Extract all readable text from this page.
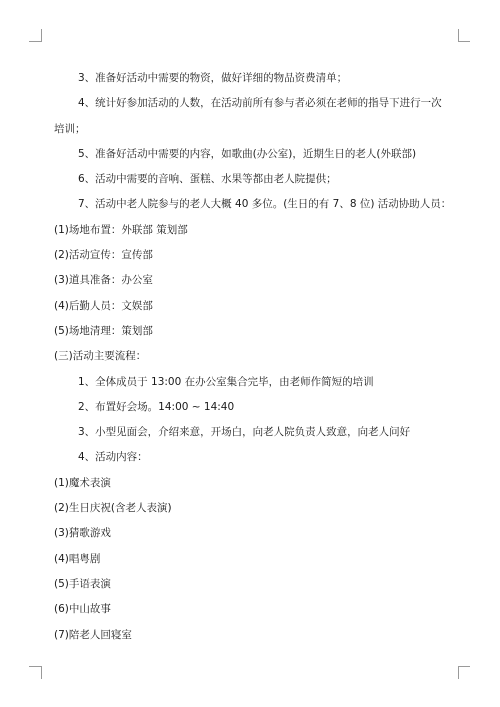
3、准备好活动中需要的物资，做好详细的物品资费清单；

4、统计好参加活动的人数，在活动前所有参与者必须在老师的指导下进行一次培训；

5、准备好活动中需要的内容，如歌曲(办公室)，近期生日的老人(外联部)

6、活动中需要的音响、蛋糕、水果等都由老人院提供；

7、活动中老人院参与的老人大概 40 多位。(生日的有 7、8 位) 活动协助人员：

(1)场地布置：外联部 策划部

(2)活动宣传：宣传部

(3)道具准备：办公室

(4)后勤人员：文娱部

(5)场地清理：策划部

(三)活动主要流程：

1、全体成员于 13:00 在办公室集合完毕，由老师作简短的培训

2、布置好会场。14:00 ~ 14:40

3、小型见面会，介绍来意，开场白，向老人院负责人致意，向老人问好

4、活动内容：

(1)魔术表演

(2)生日庆祝(含老人表演)

(3)猜歌游戏

(4)唱粤剧

(5)手语表演

(6)中山故事

(7)陪老人回寝室
